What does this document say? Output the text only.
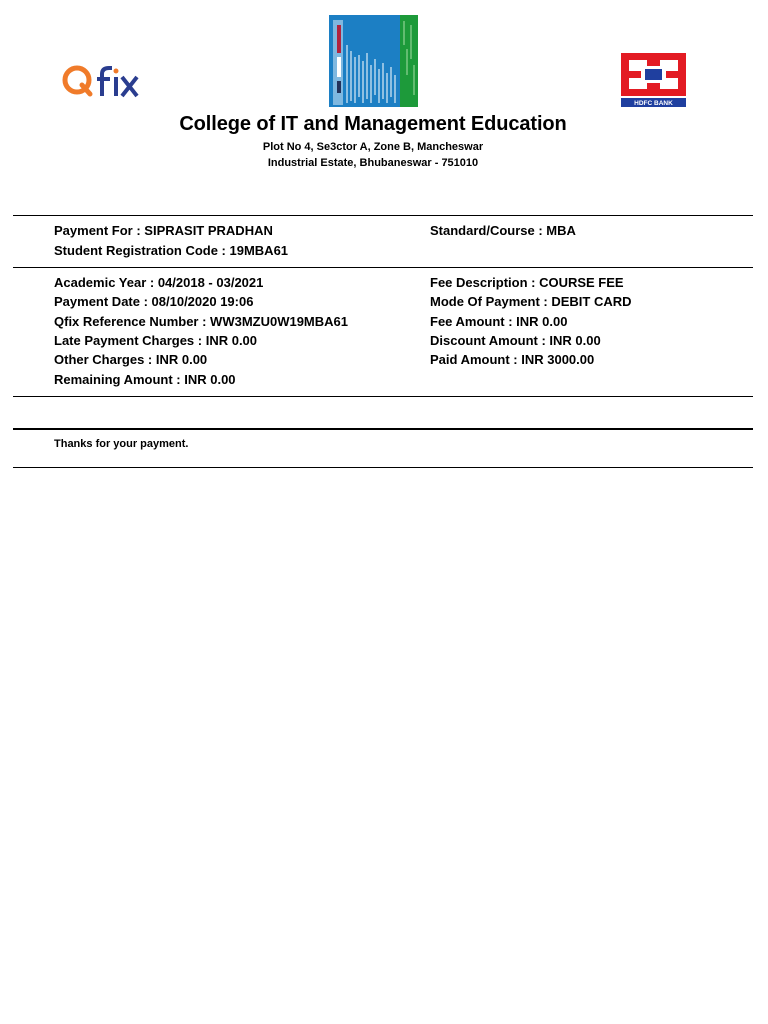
HDFC BANK
College of IT and Management Education
Plot No 4, Se3ctor A, Zone B, Mancheswar
Industrial Estate, Bhubaneswar - 751010
Payment For : SIPRASIT PRADHAN	Standard/Course : MBA
Student Registration Code : 19MBA61
Academic Year : 04/2018 - 03/2021	Fee Description : COURSE FEE
Payment Date : 08/10/2020 19:06	Mode Of Payment : DEBIT CARD
Qfix Reference Number : WW3MZU0W19MBA61	Fee Amount : INR 0.00
Late Payment Charges : INR 0.00	Discount Amount : INR 0.00
Other Charges : INR 0.00	Paid Amount : INR 3000.00
Remaining Amount : INR 0.00
Thanks for your payment.
